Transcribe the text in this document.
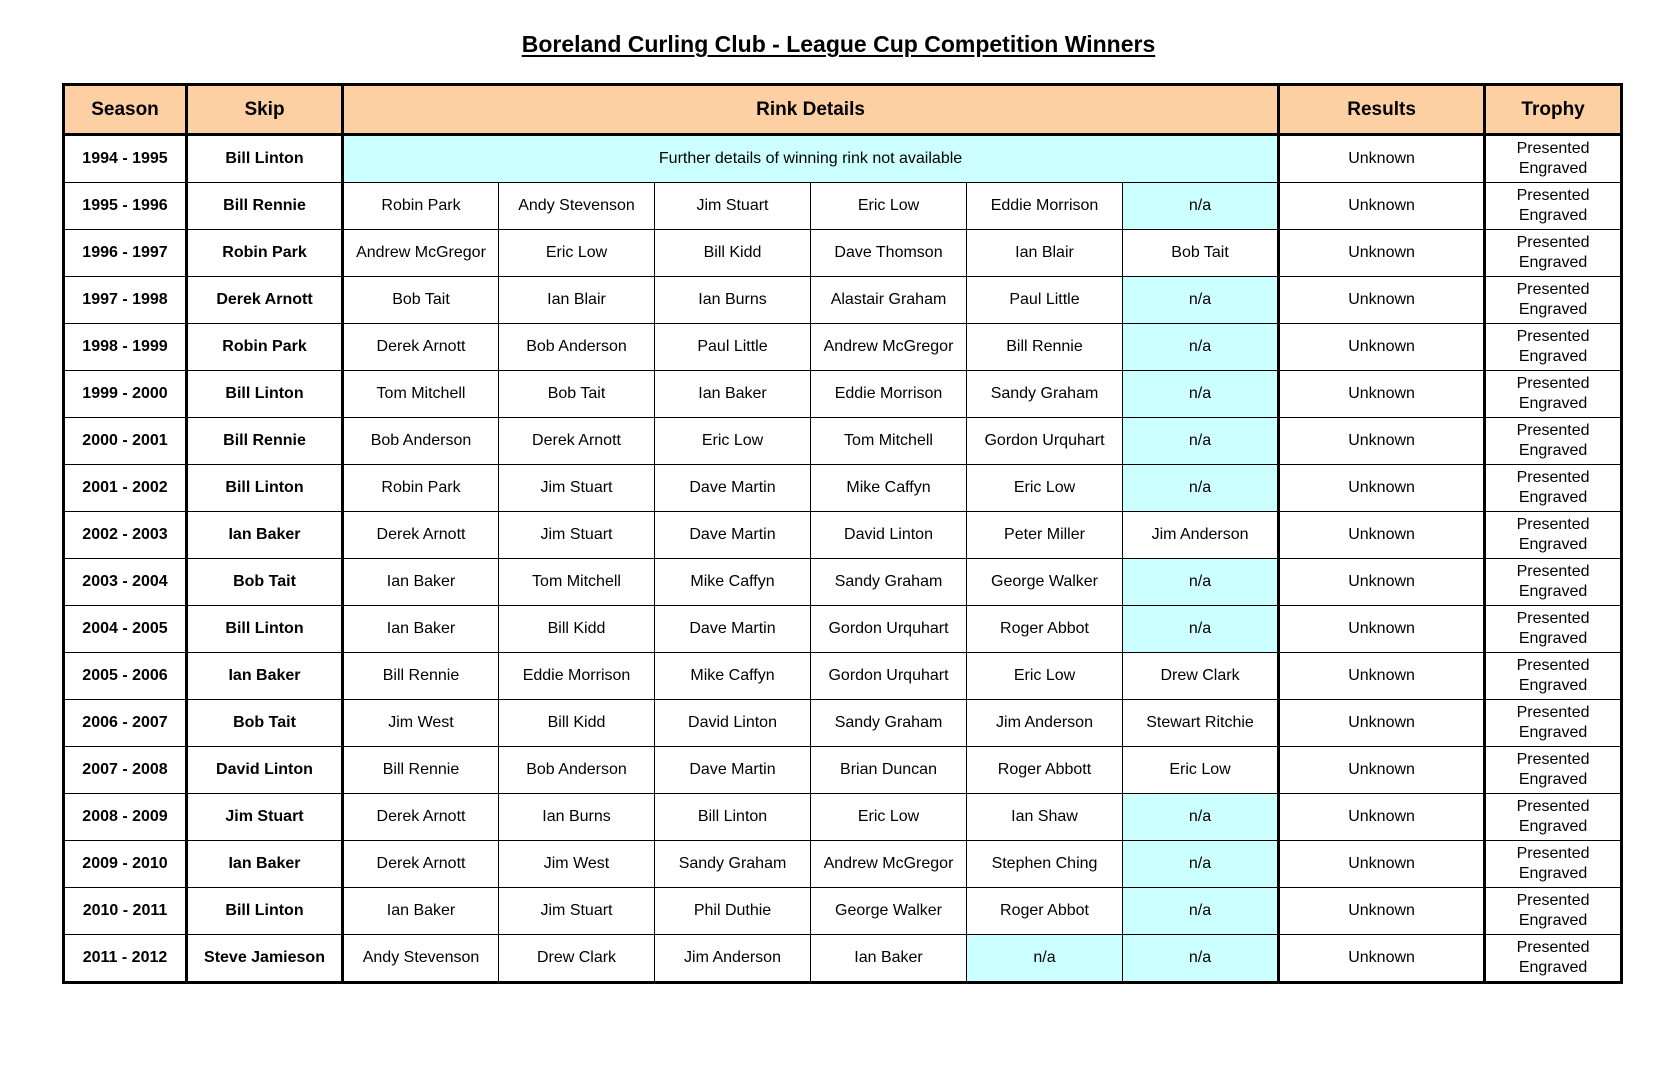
Boreland Curling Club - League Cup Competition Winners
Season	Skip	Rink Details						Results	Trophy
1994 - 1995	Bill Linton	Further details of winning rink not available						Unknown	Presented
Engraved

1995 - 1996	Bill Rennie	Robin Park	Andy Stevenson	Jim Stuart	Eric Low	Eddie Morrison	n/a	Unknown	Presented
Engraved

1996 - 1997	Robin Park	Andrew McGregor	Eric Low	Bill Kidd	Dave Thomson	Ian Blair	Bob Tait	Unknown	Presented
Engraved

1997 - 1998	Derek Arnott	Bob Tait	Ian Blair	Ian Burns	Alastair Graham	Paul Little	n/a	Unknown	Presented
Engraved

1998 - 1999	Robin Park	Derek Arnott	Bob Anderson	Paul Little	Andrew McGregor	Bill Rennie	n/a	Unknown	Presented
Engraved

1999 - 2000	Bill Linton	Tom Mitchell	Bob Tait	Ian Baker	Eddie Morrison	Sandy Graham	n/a	Unknown	Presented
Engraved

2000 - 2001	Bill Rennie	Bob Anderson	Derek Arnott	Eric Low	Tom Mitchell	Gordon Urquhart	n/a	Unknown	Presented
Engraved

2001 - 2002	Bill Linton	Robin Park	Jim Stuart	Dave Martin	Mike Caffyn	Eric Low	n/a	Unknown	Presented
Engraved

2002 - 2003	Ian Baker	Derek Arnott	Jim Stuart	Dave Martin	David Linton	Peter Miller	Jim Anderson	Unknown	Presented
Engraved

2003 - 2004	Bob Tait	Ian Baker	Tom Mitchell	Mike Caffyn	Sandy Graham	George Walker	n/a	Unknown	Presented
Engraved

2004 - 2005	Bill Linton	Ian Baker	Bill Kidd	Dave Martin	Gordon Urquhart	Roger Abbot	n/a	Unknown	Presented
Engraved

2005 - 2006	Ian Baker	Bill Rennie	Eddie Morrison	Mike Caffyn	Gordon Urquhart	Eric Low	Drew Clark	Unknown	Presented
Engraved

2006 - 2007	Bob Tait	Jim West	Bill Kidd	David Linton	Sandy Graham	Jim Anderson	Stewart Ritchie	Unknown	Presented
Engraved

2007 - 2008	David Linton	Bill Rennie	Bob Anderson	Dave Martin	Brian Duncan	Roger Abbott	Eric Low	Unknown	Presented
Engraved

2008 - 2009	Jim Stuart	Derek Arnott	Ian Burns	Bill Linton	Eric Low	Ian Shaw	n/a	Unknown	Presented
Engraved

2009 - 2010	Ian Baker	Derek Arnott	Jim West	Sandy Graham	Andrew McGregor	Stephen Ching	n/a	Unknown	Presented
Engraved

2010 - 2011	Bill Linton	Ian Baker	Jim Stuart	Phil Duthie	George Walker	Roger Abbot	n/a	Unknown	Presented
Engraved

2011 - 2012	Steve Jamieson	Andy Stevenson	Drew Clark	Jim Anderson	Ian Baker	n/a	n/a	Unknown	Presented
Engraved
